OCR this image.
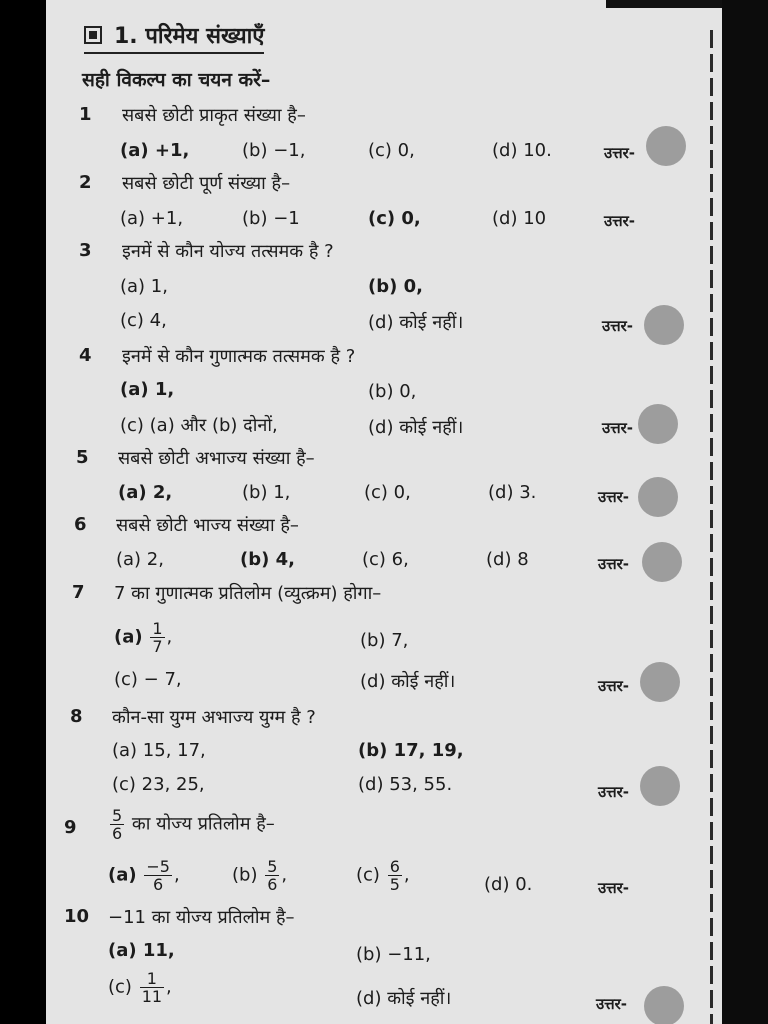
1. परिमेय संख्याएँ
सही विकल्प का चयन करें–
1 सबसे छोटी प्राकृत संख्या है–
(a) +1,	(b) −1,	(c) 0,	(d) 10.	उत्तर-
2 सबसे छोटी पूर्ण संख्या है–
(a) +1,	(b) −1	(c) 0,	(d) 10	उत्तर-
3 इनमें से कौन योज्य तत्समक है ?
(a) 1,	(b) 0,
(c) 4,	(d) कोई नहीं।	उत्तर-
4 इनमें से कौन गुणात्मक तत्समक है ?
(a) 1,	(b) 0,
(c) (a) और (b) दोनों,	(d) कोई नहीं।	उत्तर-
5 सबसे छोटी अभाज्य संख्या है–
(a) 2,	(b) 1,	(c) 0,	(d) 3.	उत्तर-
6 सबसे छोटी भाज्य संख्या है–
(a) 2,	(b) 4,	(c) 6,	(d) 8	उत्तर-
7 7 का गुणात्मक प्रतिलोम (व्युत्क्रम) होगा–
$(a) \frac{1}{7}$ ,	(b) 7,
(c) − 7,	(d) कोई नहीं।	उत्तर-
8 कौन-सा युग्म अभाज्य युग्म है ?
(a) 15, 17,	(b) 17, 19,
(c) 23, 25,	(d) 53, 55.	उत्तर-
$9 \frac{5}{6}$ का योज्य प्रतिलोम है–
$(a) \frac{-5}{6}$ ,	$(b) \frac{5}{6}$ ,	$(c) \frac{6}{5}$ ,	(d) 0.	उत्तर-
10 −11 का योज्य प्रतिलोम है–
(a) 11,	(b) −11,
$(c) \frac{1}{11}$ ,
(d) कोई नहीं।	उत्तर-
